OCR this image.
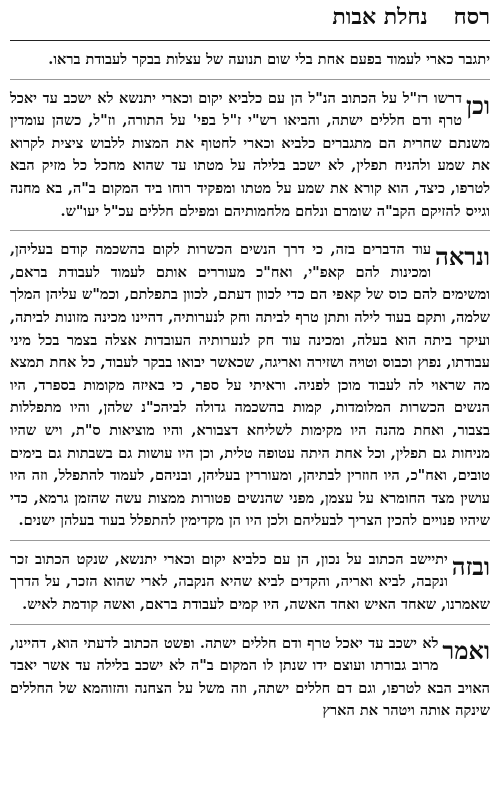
רסח
נחלת אבות

יתגבר כארי לעמוד בפעם אחת בלי שום תנועה של עצלות בבקר לעבודת בראו.

וכן
דרשו רז"ל על הכתוב הנ"ל הן עם כלביא יקום וכארי יתנשא לא ישכב עד יאכל טרף ודם חללים ישתה, והביאו רש"י ז"ל בפי' על התורה, וז"ל, כשהן עומדין משנתם שחרית הם מתגברים כלביא וכארי לחטוף את המצות ללבוש ציצית לקרוא את שמע ולהניח תפלין, לא ישכב בלילה על מטתו עד שהוא מחכל כל מזיק הבא לטרפו, כיצד, הוא קורא את שמע על מטתו ומפקיד רוחו ביד המקום ב"ה, בא מחנה וגייס להזיקם הקב"ה שומרם ונלחם מלחמותיהם ומפילם חללים עכ"ל יעו"ש.

ונראה
עוד הדברים בזה, כי דרך הנשים הכשרות לקום בהשכמה קודם בעליהן, ומכינות להם קאפ"י, ואח"כ מעוררים אותם לעמוד לעבודת בראם, ומשימים להם כוס של קאפי הם כדי לכוון דעתם, לכוון בתפלתם, וכמ"ש עליהן המלך שלמה, ותקם בעוד לילה ותתן טרף לביתה וחק לנערותיה, דהיינו מכינה מזונות לביתה, ועיקר ביתה הוא בעלה, ומכינה עוד חק לנערותיה העובדות אצלה בצמר בכל מיני עבודתו, נפוץ וכבוס וטויה ושזירה ואריגה, שכאשר יבואו בבקר לעבוד, כל אחת תמצא מה שראוי לה לעבוד מוכן לפניה. וראיתי על ספר, כי באיזה מקומות בספרד, היו הנשים הכשרות המלומדות, קמות בהשכמה גדולה לביהכ"נ שלהן, והיו מתפללות בצבור, ואחת מהנה היו מקימות לשליחא דצבורא, והיו מוציאות ס"ת, ויש שהיו מניחות גם תפלין, וכל אחת היתה עטופה טלית, וכן היו עושות גם בשבתות גם בימים טובים, ואח"כ, היו חוזרין לבתיהן, ומעוררין בעליהן, ובניהם, לעמוד להתפלל, וזה היו עושין מצד החומרא על עצמן, מפני שהנשים פטורות ממצות עשה שהזמן גרמא, כדי שיהיו פנויים להכין הצריך לבעליהם ולכן היו הן מקדימין להתפלל בעוד בעלהן ישנים.

ובזה
יתיישב הכתוב על נכון, הן עם כלביא יקום וכארי יתנשא, שנקט הכתוב זכר ונקבה, לביא ואריה, והקדים לביא שהיא הנקבה, לארי שהוא הזכר, על הדרך שאמרנו, שאחד האיש ואחד האשה, היו קמים לעבודת בראם, ואשה קודמת לאיש.

ואמר
לא ישכב עד יאכל טרף ודם חללים ישתה. ופשט הכתוב לדעתי הוא, דהיינו, מרוב גבורתו ועוצם ידו שנתן לו המקום ב"ה לא ישכב בלילה עד אשר יאבד האויב הבא לטרפו, וגם דם חללים ישתה, וזה משל על הצחנה והזוהמא של החללים שינקה אותה ויטהר את הארץ
